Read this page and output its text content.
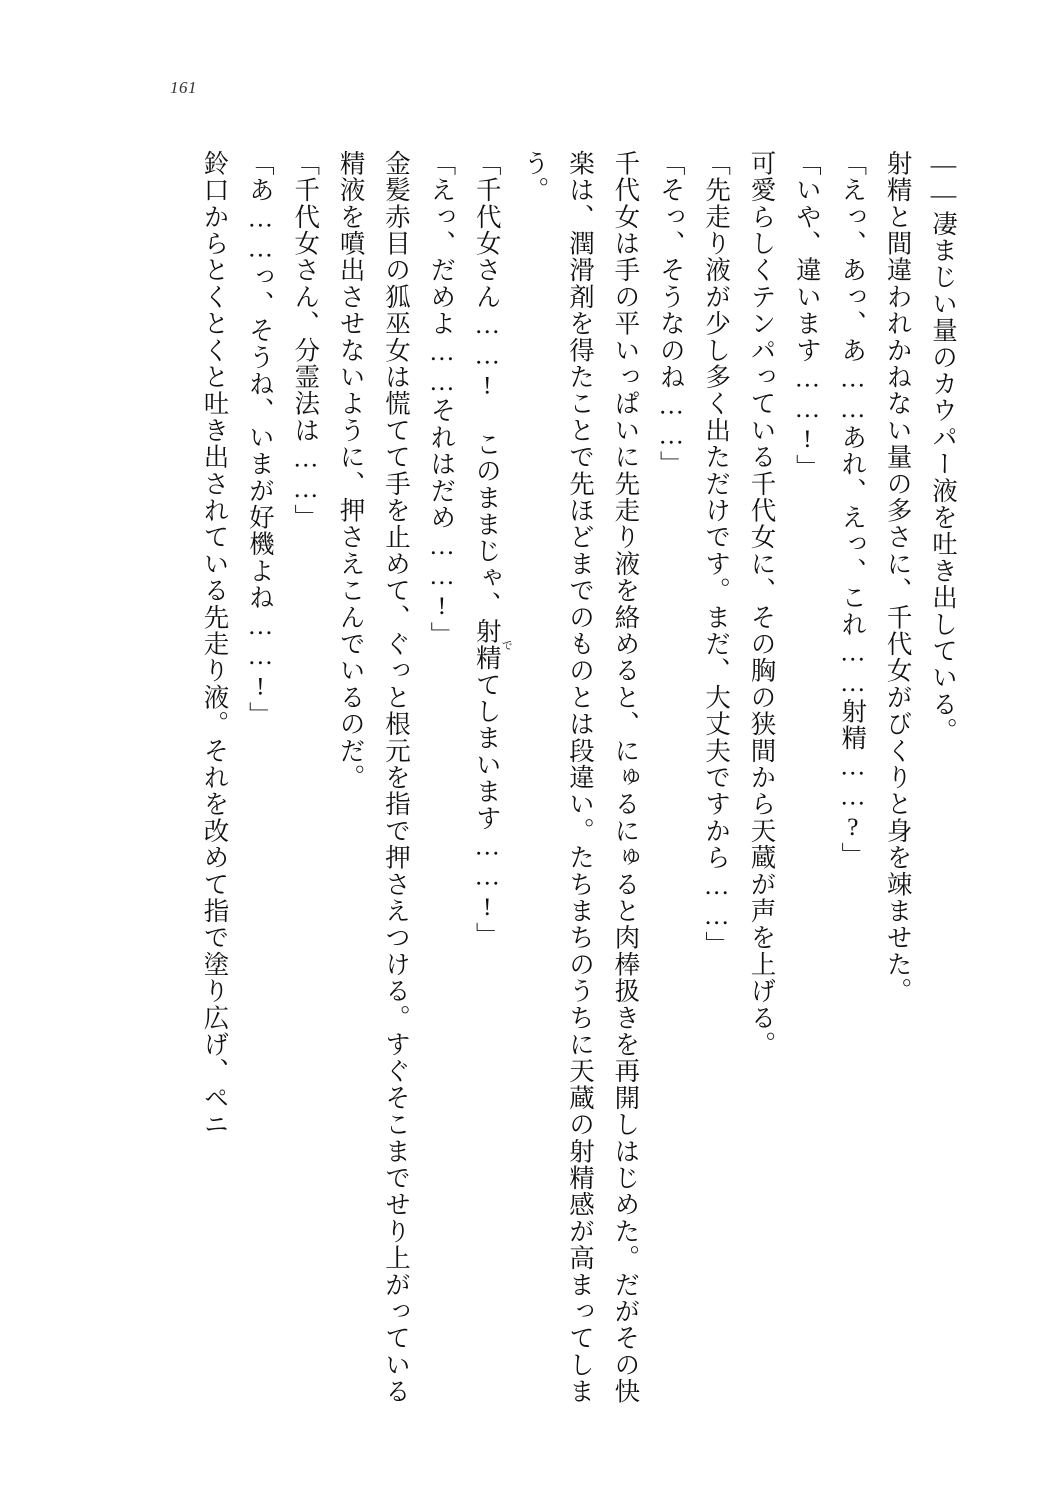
161

――凄まじい量のカウパー液を吐き出している。

射精と間違われかねない量の多さに、千代女がびくりと身を竦ませた。

「えっ、あっ、あ……あれ、えっ、これ……射精……?」

「いや、違います……!」

可愛らしくテンパっている千代女に、その胸の狭間から天蔵が声を上げる。

「先走り液が少し多く出ただけです。まだ、大丈夫ですから……」

「そっ、そうなのね……」

千代女は手の平いっぱいに先走り液を絡めると、にゅるにゅると肉棒扱きを再開しはじめた。だがその快楽は、潤滑剤を得たことで先ほどまでのものとは段違い。たちまちのうちに天蔵の射精感が高まってしまう。

「千代女さん……! このままじゃ、射精でてしまいます……!」

「えっ、だめよ……それはだめ……!」

金髪赤目の狐巫女は慌てて手を止めて、ぐっと根元を指で押さえつける。すぐそこまでせり上がっている精液を噴出させないように、押さえこんでいるのだ。

「千代女さん、分霊法は……」

「あ……っ、そうね、いまが好機よね……!」

鈴口からとくとくと吐き出されている先走り液。それを改めて指で塗り広げ、ペニ
